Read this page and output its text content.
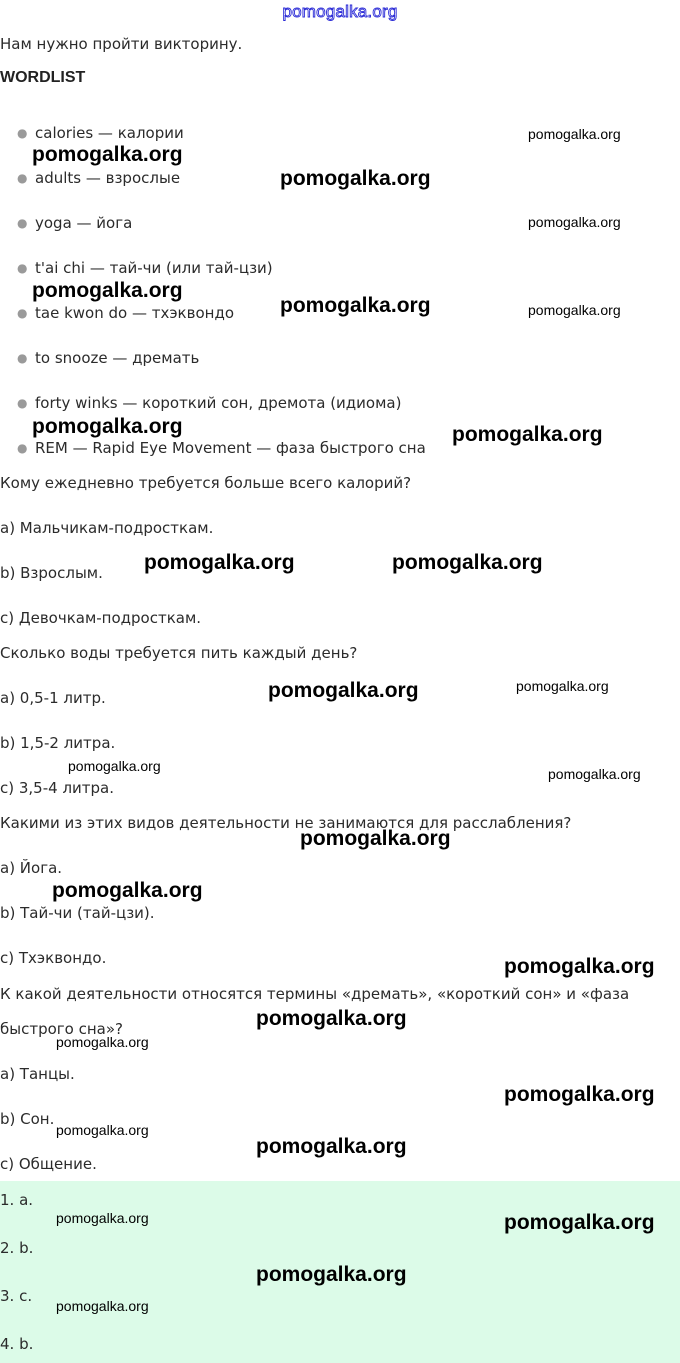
pomogalka.org
Нам нужно пройти викторину.
WORDLIST
● calories — калории
● adults — взрослые
● yoga — йога
● t'ai chi — тай-чи (или тай-цзи)
● tae kwon do — тхэквондо
● to snooze — дремать
● forty winks — короткий сон, дремота (идиома)
● REM — Rapid Eye Movement — фаза быстрого сна
Кому ежедневно требуется больше всего калорий?
a) Мальчикам-подросткам.
b) Взрослым.
c) Девочкам-подросткам.
Сколько воды требуется пить каждый день?
a) 0,5-1 литр.
b) 1,5-2 литра.
c) 3,5-4 литра.
Какими из этих видов деятельности не занимаются для расслабления?
a) Йога.
b) Тай-чи (тай-цзи).
c) Тхэквондо.
К какой деятельности относятся термины «дремать», «короткий сон» и «фаза
быстрого сна»?
a) Танцы.
b) Сон.
c) Общение.
1. a.
2. b.
3. c.
4. b.
pomogalka.org
pomogalka.org
pomogalka.org
pomogalka.org
pomogalka.org
pomogalka.org	pomogalka.org
pomogalka.org	pomogalka.org
pomogalka.org	pomogalka.org
pomogalka.org	pomogalka.org
pomogalka.org	pomogalka.org
pomogalka.org
pomogalka.org
pomogalka.org
pomogalka.org
pomogalka.org
pomogalka.org
pomogalka.org
pomogalka.org
pomogalka.org	pomogalka.org
pomogalka.org
pomogalka.org
